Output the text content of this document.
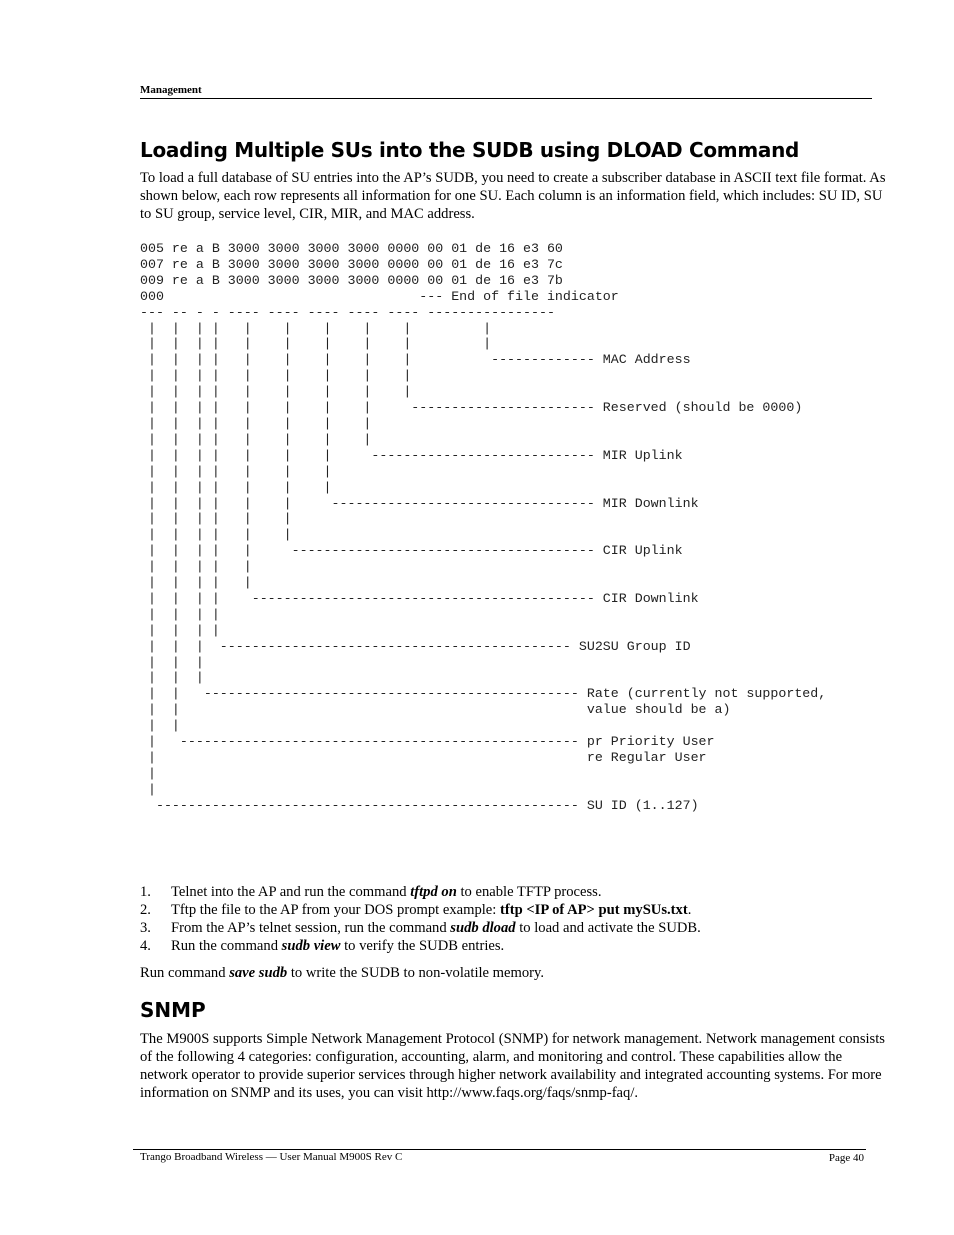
Management
Loading Multiple SUs into the SUDB using DLOAD Command

To load a full database of SU entries into the AP’s SUDB, you need to create a subscriber database in ASCII text file format. As shown below, each row represents all information for one SU. Each column is an information field, which includes: SU ID, SU to SU group, service level, CIR, MIR, and MAC address.

005 re a B 3000 3000 3000 3000 0000 00 01 de 16 e3 60
007 re a B 3000 3000 3000 3000 0000 00 01 de 16 e3 7c
009 re a B 3000 3000 3000 3000 0000 00 01 de 16 e3 7b
000                                --- End of file indicator
--- -- - - ---- ---- ---- ---- ---- ----------------
|  |  | |   |    |    |    |    |         |
|  |  | |   |    |    |    |    |         |
|  |  | |   |    |    |    |    |          ------------- MAC Address
|  |  | |   |    |    |    |    |
|  |  | |   |    |    |    |    |
|  |  | |   |    |    |    |     ----------------------- Reserved (should be 0000)
|  |  | |   |    |    |    |
|  |  | |   |    |    |    |
|  |  | |   |    |    |     ---------------------------- MIR Uplink
|  |  | |   |    |    |
|  |  | |   |    |    |
|  |  | |   |    |     --------------------------------- MIR Downlink
|  |  | |   |    |
|  |  | |   |    |
|  |  | |   |     -------------------------------------- CIR Uplink
|  |  | |   |
|  |  | |   |
|  |  | |    ------------------------------------------- CIR Downlink
|  |  | |
|  |  | |
|  |  |  -------------------------------------------- SU2SU Group ID
|  |  |
|  |  |
|  |   ----------------------------------------------- Rate (currently not supported,
|  |                                                   value should be a)
|  |
|   -------------------------------------------------- pr Priority User
|                                                      re Regular User
|
|
----------------------------------------------------- SU ID (1..127)
1. Telnet into the AP and run the command tftpd on to enable TFTP process.
2. Tftp the file to the AP from your DOS prompt example: tftp <IP of AP> put mySUs.txt.
3. From the AP’s telnet session, run the command sudb dload to load and activate the SUDB.
4. Run the command sudb view to verify the SUDB entries.

Run command save sudb to write the SUDB to non-volatile memory.

SNMP

The M900S supports Simple Network Management Protocol (SNMP) for network management. Network management consists of the following 4 categories: configuration, accounting, alarm, and monitoring and control. These capabilities allow the network operator to provide superior services through higher network availability and integrated accounting systems. For more information on SNMP and its uses, you can visit http://www.faqs.org/faqs/snmp-faq/.

Trango Broadband Wireless — User Manual M900S Rev C	Page 40
